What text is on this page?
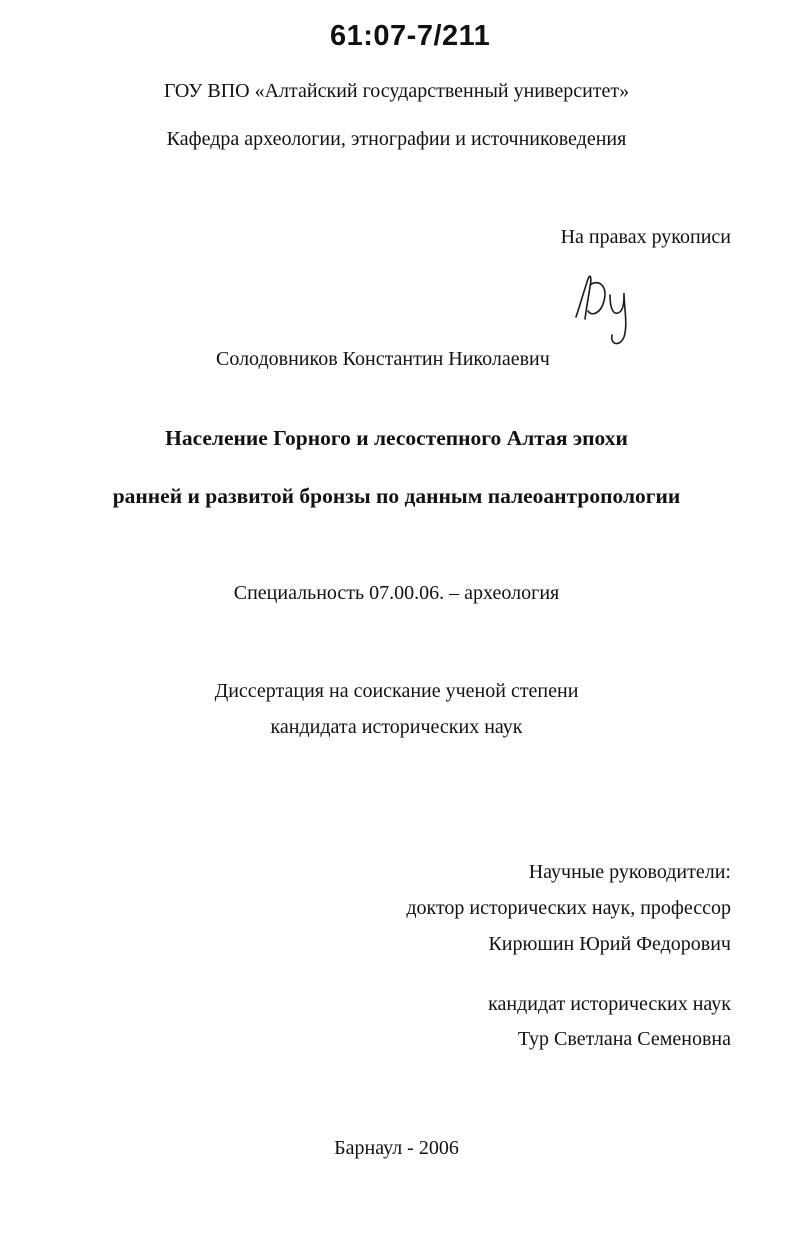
61:07-7/211
ГОУ ВПО «Алтайский государственный университет»
Кафедра археологии, этнографии и источниковедения
На правах рукописи
Солодовников Константин Николаевич
Население Горного и лесостепного Алтая эпохи
ранней и развитой бронзы по данным палеоантропологии
Специальность 07.00.06. – археология
Диссертация на соискание ученой степени
кандидата исторических наук
Научные руководители:
доктор исторических наук, профессор
Кирюшин Юрий Федорович
кандидат исторических наук
Тур Светлана Семеновна
Барнаул - 2006
